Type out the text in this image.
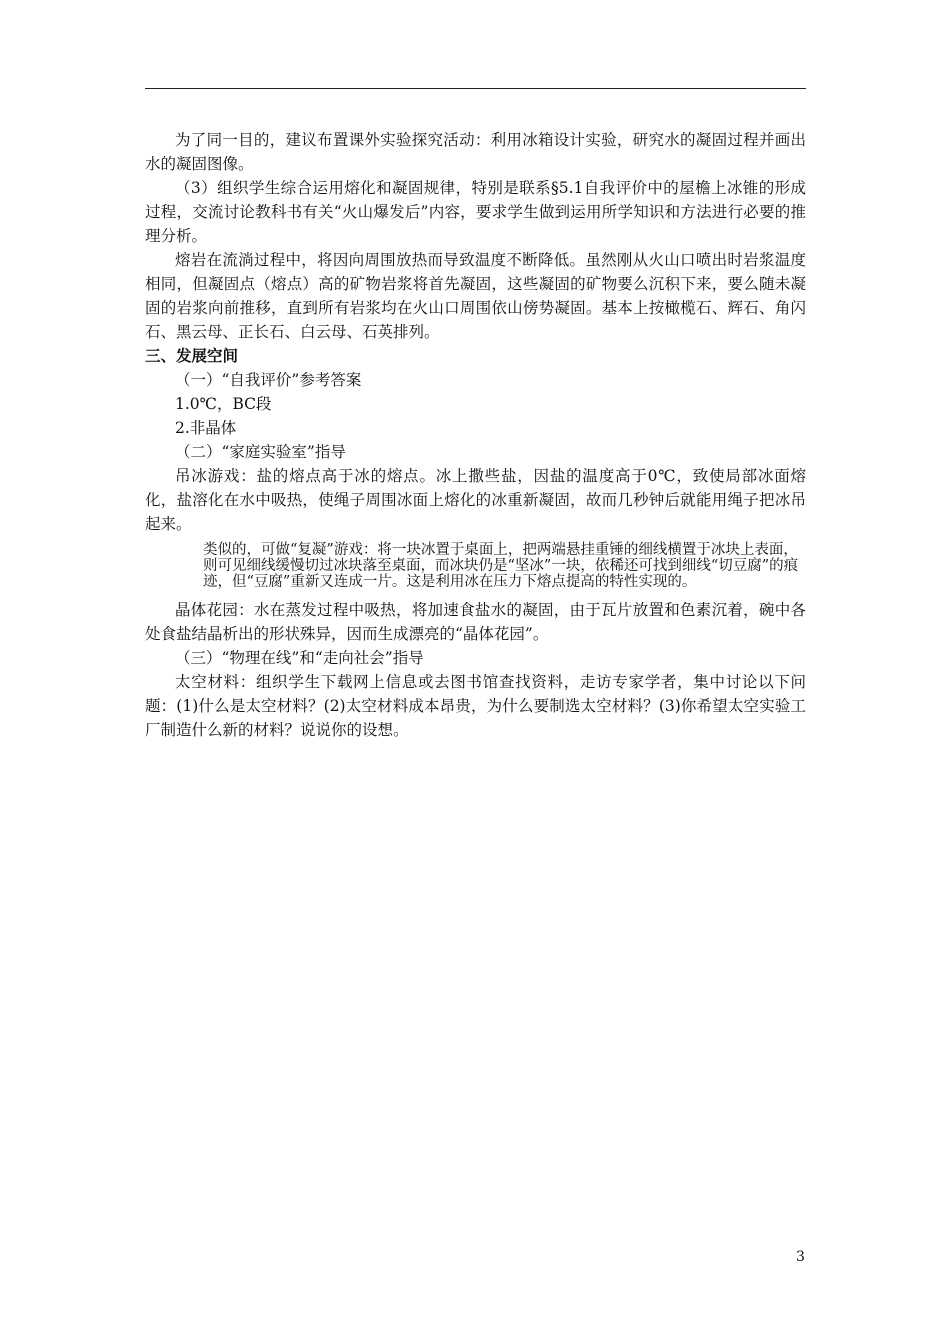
为了同一目的，建议布置课外实验探究活动：利用冰箱设计实验，研究水的凝固过程并画出水的凝固图像。

（3）组织学生综合运用熔化和凝固规律，特别是联系§5.1自我评价中的屋檐上冰锥的形成过程，交流讨论教科书有关“火山爆发后”内容，要求学生做到运用所学知识和方法进行必要的推理分析。

熔岩在流淌过程中，将因向周围放热而导致温度不断降低。虽然刚从火山口喷出时岩浆温度相同，但凝固点（熔点）高的矿物岩浆将首先凝固，这些凝固的矿物要么沉积下来，要么随未凝固的岩浆向前推移，直到所有岩浆均在火山口周围依山傍势凝固。基本上按橄榄石、辉石、角闪石、黑云母、正长石、白云母、石英排列。

三、发展空间

（一）“自我评价”参考答案

1.0℃，BC段

2.非晶体

（二）“家庭实验室”指导

吊冰游戏：盐的熔点高于冰的熔点。冰上撒些盐，因盐的温度高于0℃，致使局部冰面熔化，盐溶化在水中吸热，使绳子周围冰面上熔化的冰重新凝固，故而几秒钟后就能用绳子把冰吊起来。

类似的，可做“复凝”游戏：将一块冰置于桌面上，把两端悬挂重锤的细线横置于冰块上表面，则可见细线缓慢切过冰块落至桌面，而冰块仍是“坚冰”一块，依稀还可找到细线“切豆腐”的痕迹，但“豆腐”重新又连成一片。这是利用冰在压力下熔点提高的特性实现的。

晶体花园：水在蒸发过程中吸热，将加速食盐水的凝固，由于瓦片放置和色素沉着，碗中各处食盐结晶析出的形状殊异，因而生成漂亮的“晶体花园”。

（三）“物理在线”和“走向社会”指导

太空材料：组织学生下载网上信息或去图书馆查找资料，走访专家学者，集中讨论以下问题：(1)什么是太空材料？(2)太空材料成本昂贵，为什么要制选太空材料？(3)你希望太空实验工厂制造什么新的材料？说说你的设想。

3
